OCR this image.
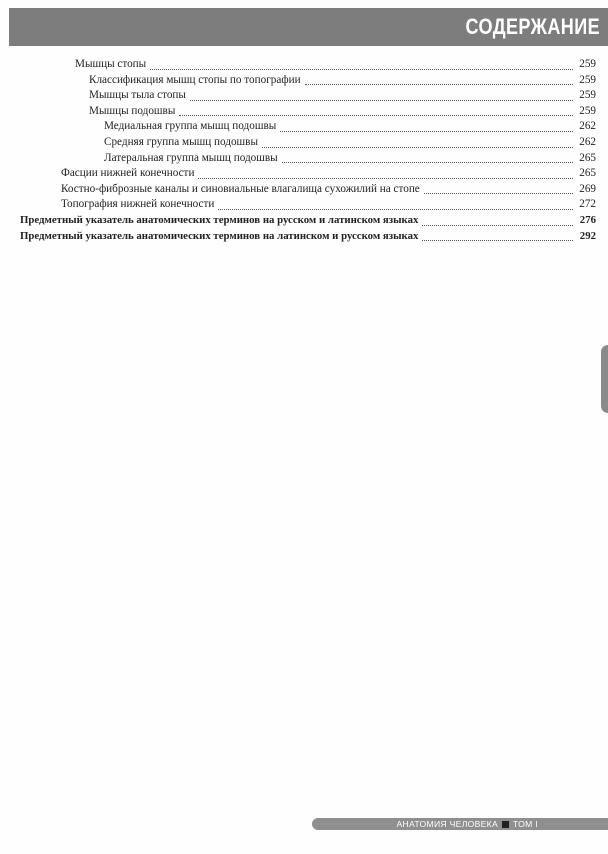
СОДЕРЖАНИЕ
Мышцы стопы	259
Классификация мышц стопы по топографии	259
Мышцы тыла стопы	259
Мышцы подошвы	259
Медиальная группа мышц подошвы	262
Средняя группа мышц подошвы	262
Латеральная группа мышц подошвы	265
Фасции нижней конечности	265
Костно-фиброзные каналы и синовиальные влагалища сухожилий на стопе	269
Топография нижней конечности	272
Предметный указатель анатомических терминов на русском и латинском языках	276
Предметный указатель анатомических терминов на латинском и русском языках	292
АНАТОМИЯ ЧЕЛОВЕКА ТОМ I
